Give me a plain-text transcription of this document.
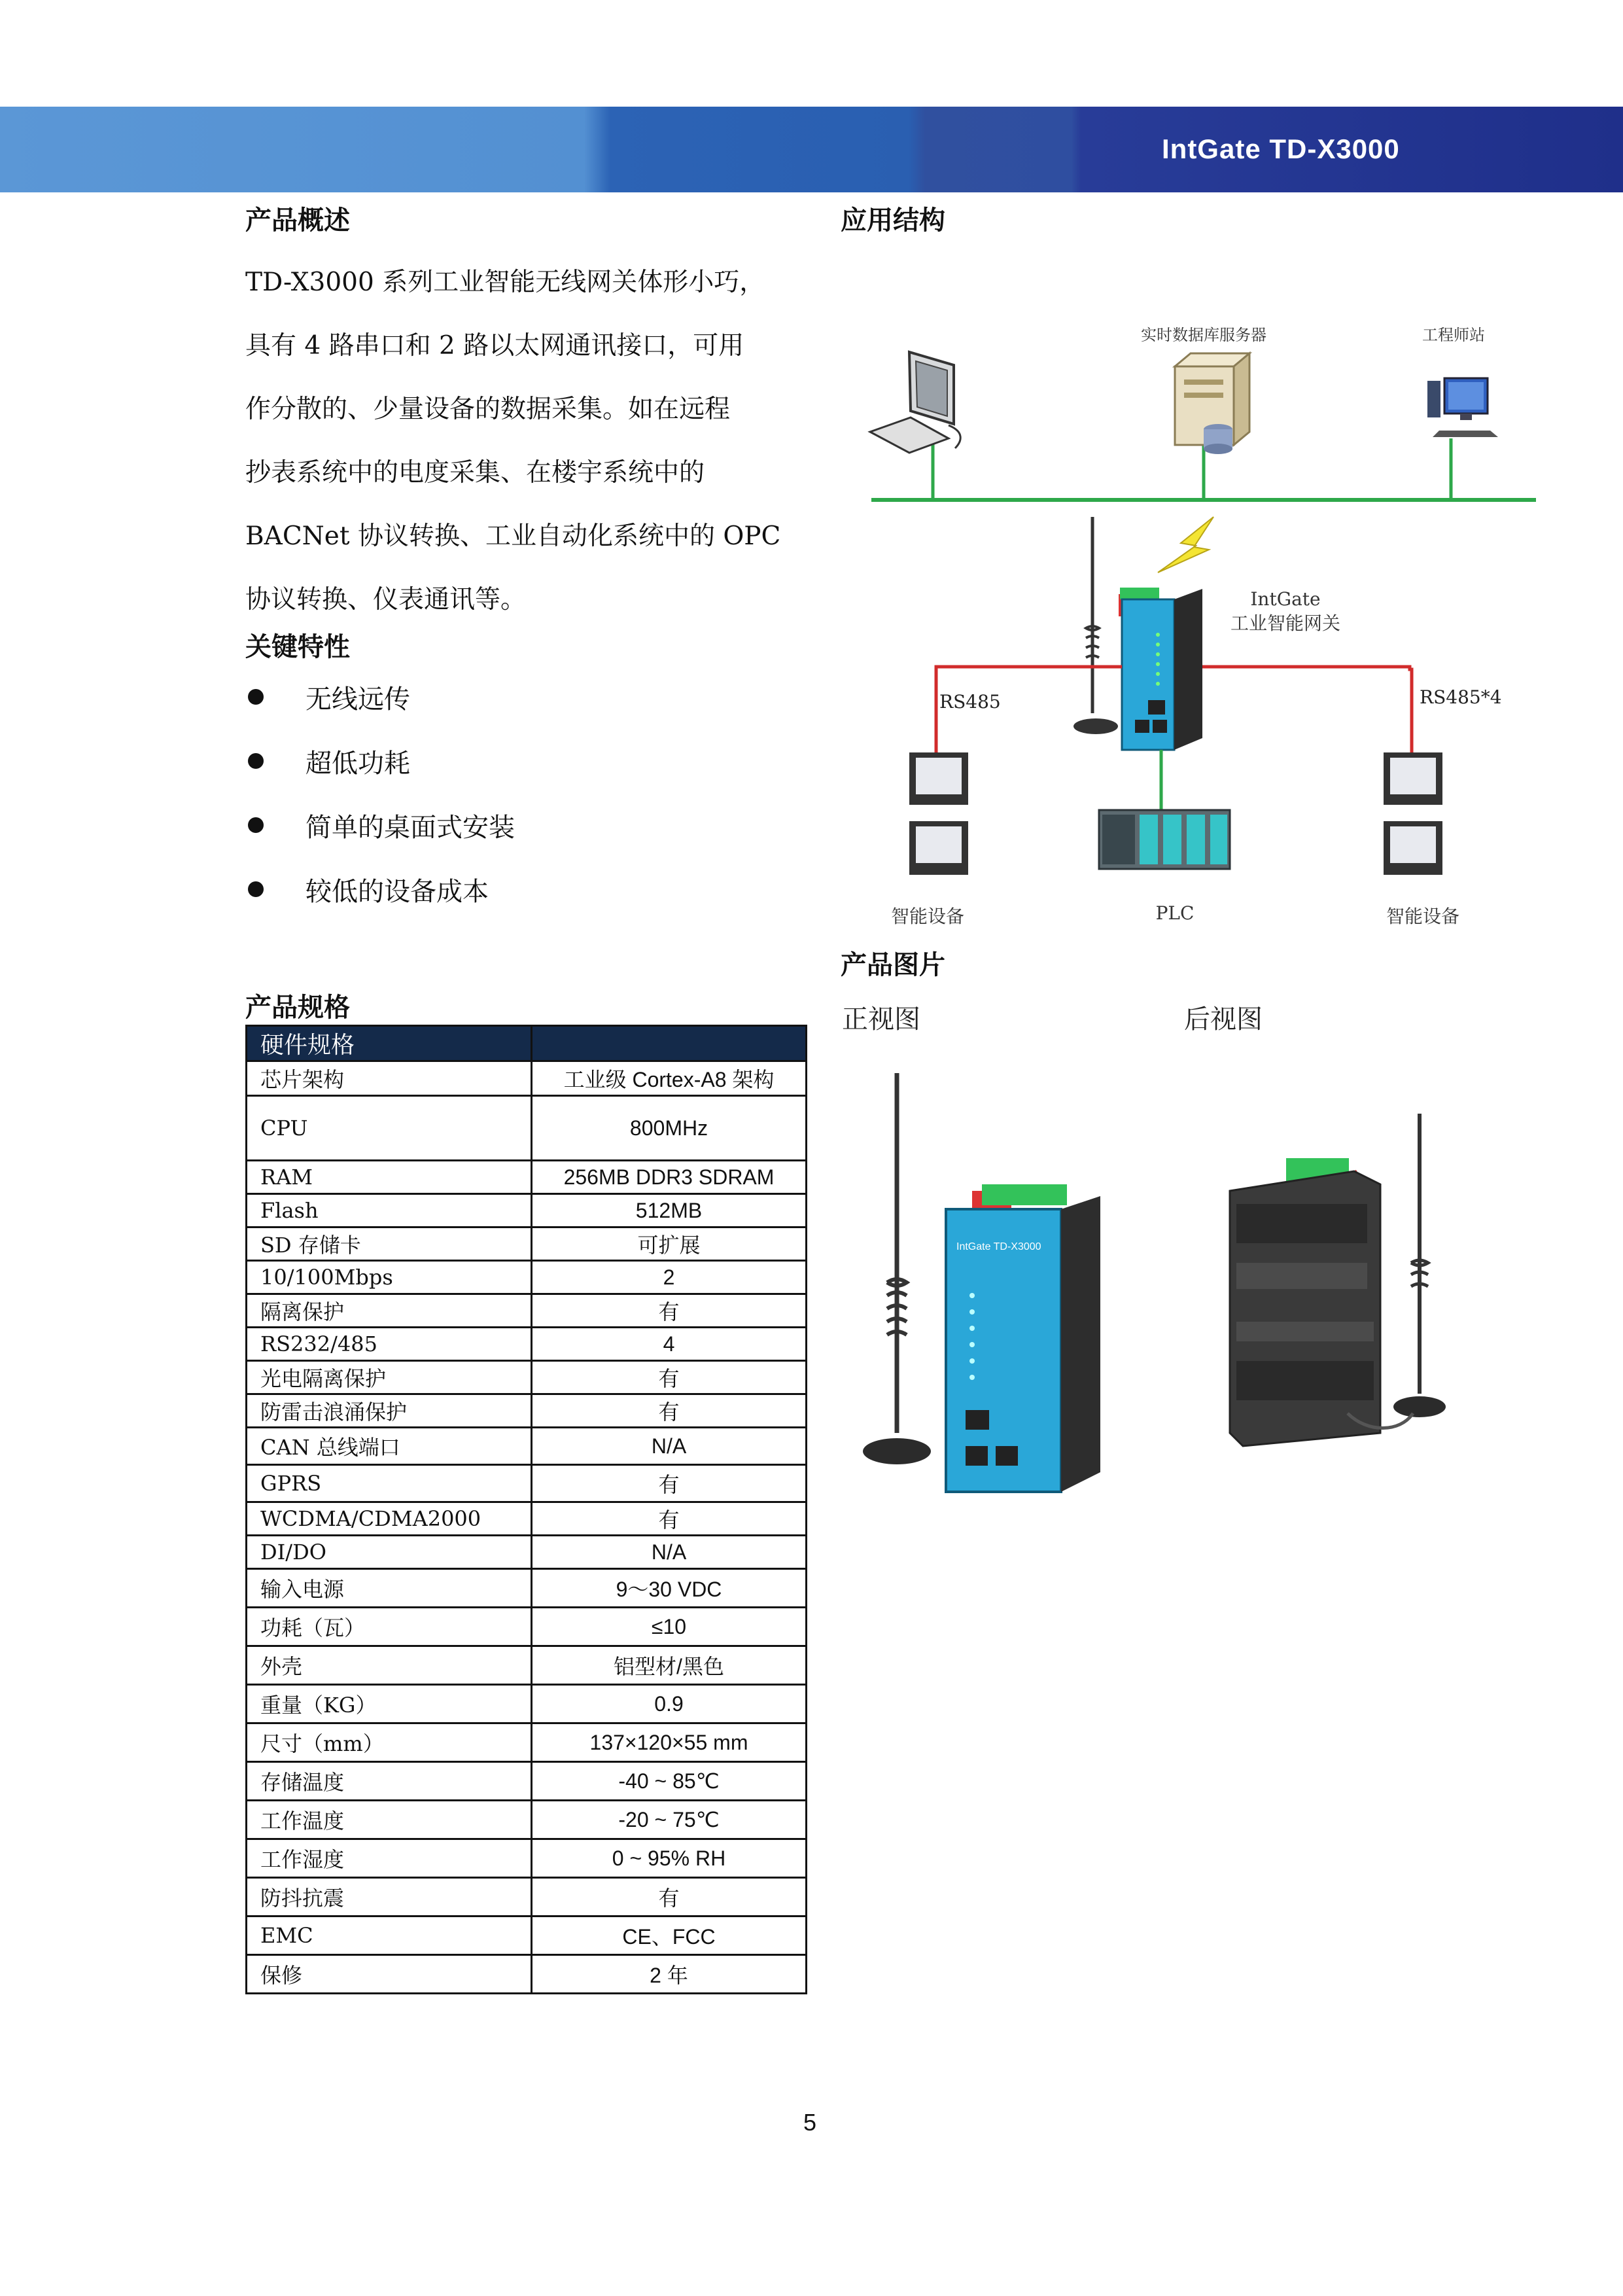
IntGate TD-X3000
产品概述
TD-X3000 系列工业智能无线网关体形小巧，
具有 4 路串口和 2 路以太网通讯接口，可用
作分散的、少量设备的数据采集。如在远程
抄表系统中的电度采集、在楼宇系统中的
BACNet 协议转换、工业自动化系统中的 OPC
协议转换、仪表通讯等。
关键特性
无线远传
超低功耗
简单的桌面式安装
较低的设备成本
产品规格
硬件规格	
芯片架构	工业级 Cortex-A8 架构
CPU	800MHz
RAM	256MB DDR3 SDRAM
Flash	512MB
SD 存储卡	可扩展
10/100Mbps	2
隔离保护	有
RS232/485	4
光电隔离保护	有
防雷击浪涌保护	有
CAN 总线端口	N/A
GPRS	有
WCDMA/CDMA2000	有
DI/DO	N/A
输入电源	9～30 VDC
功耗（瓦）	≤10
外壳	铝型材/黑色
重量（KG）	0.9
尺寸（mm）	137×120×55 mm
存储温度	-40 ~ 85℃
工作温度	-20 ~ 75℃
工作湿度	0 ~ 95% RH
防抖抗震	有
EMC	CE、FCC
保修	2 年
应用结构
实时数据库服务器	工程师站
IntGate
工业智能网关
RS485	RS485*4
智能设备	PLC	智能设备
产品图片
正视图	后视图
IntGate TD-X3000
5
